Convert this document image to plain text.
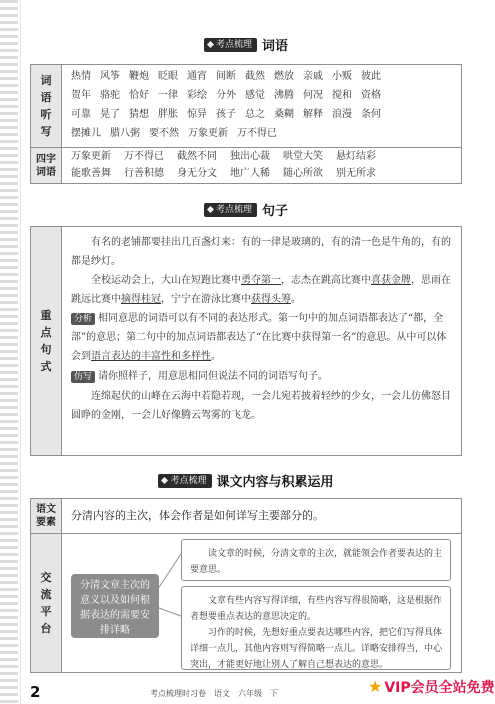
考点梳理 词语
词语听写
热情 风筝 鞭炮 眨眼 通宵 间断 截然 燃放 亲戚 小贩 彼此
贺年 骆驼 恰好 一律 彩绘 分外 感觉 沸腾 何况 搅和 资格
可靠 晃了 猜想 胖胀 惊异 孩子 总之 桑糊 解释 浪漫 条何
摆摊儿 腊八粥 要不然 万象更新 万不得已
四字词语
万象更新 万不得已 截然不同 独出心裁 哄堂大笑 悬灯结彩
能歌善舞 行善积德 身无分文 地广人稀 随心所欲 别无所求
考点梳理 句子
重点句式

有名的老铺都要挂出几百盏灯来：有的一律是玻璃的，有的清一色是牛角的，有的都是纱灯。

全校运动会上，大山在短跑比赛中勇夺第一，志杰在跳高比赛中喜获金牌，思雨在跳远比赛中摘得桂冠，宁宁在游泳比赛中获得头筹。

分析 相同意思的词语可以有不同的表达形式。第一句中的加点词语都表达了“都，全部”的意思；第二句中的加点词语都表达了“在比赛中获得第一名”的意思。从中可以体会到语言表达的丰富性和多样性。
仿写 请你照样子，用意思相同但说法不同的词语写句子。

连绵起伏的山峰在云海中若隐若现，一会儿宛若披着轻纱的少女，一会儿仿佛怒目圆睁的金刚，一会儿好像腾云驾雾的飞龙。

考点梳理 课文内容与积累运用
语文要素
分清内容的主次，体会作者是如何详写主要部分的。
交流平台
分清文章主次的意义以及如何根据表达的需要安排详略

读文章的时候，分清文章的主次，就能领会作者要表达的主要意思。

文章有些内容写得详细，有些内容写得很简略，这是根据作者想要重点表达的意思决定的。

习作的时候，先想好重点要表达哪些内容，把它们写得具体详细一点儿，其他内容则写得简略一点儿。详略安排得当，中心突出，才能更好地让别人了解自己想表达的意思。

2	考点梳理时习卷 语文 六年级 下	★ VIP会员全站免费
